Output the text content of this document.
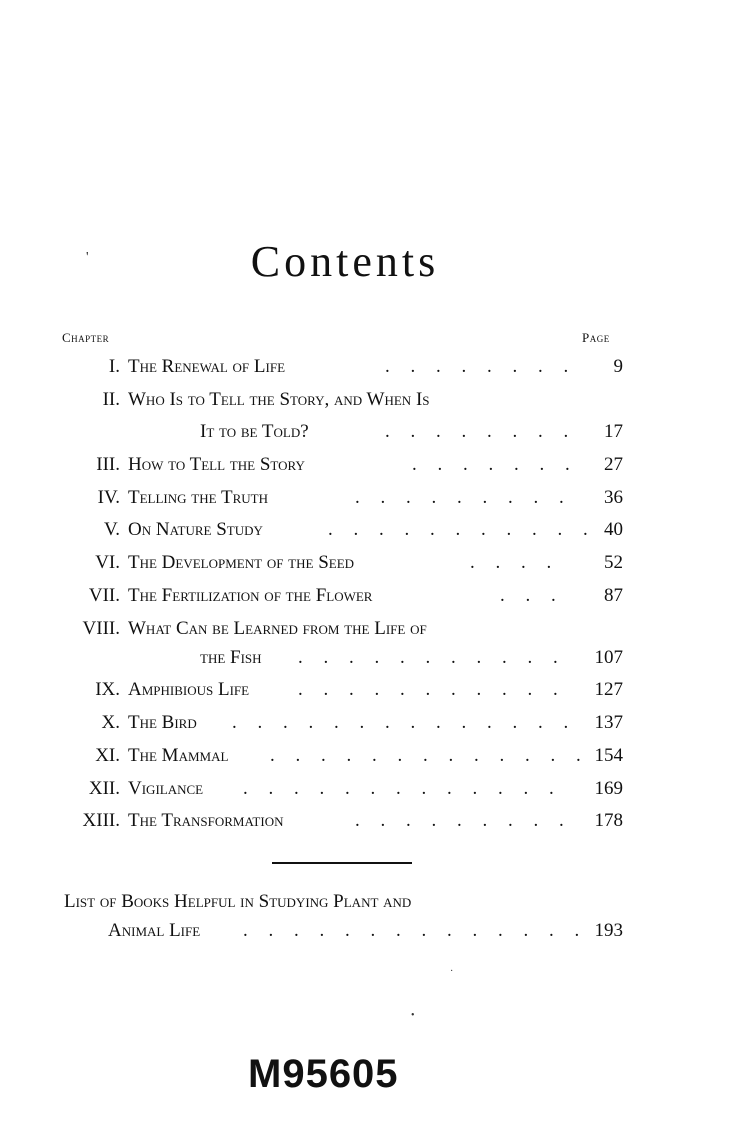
'	Contents
Chapter	Page
I. The Renewal of Life	. . . . . . . . 9
II. Who Is to Tell the Story, and When Is
It to be Told?	. . . . . . . . 17
III. How to Tell the Story	. . . . . . . 27
IV. Telling the Truth	. . . . . . . . . 36
V. On Nature Study	. . . . . . . . . . . 40
VI. The Development of the Seed	. . . . 52
VII. The Fertilization of the Flower	. . . 87
VIII. What Can be Learned from the Life of
the Fish . . . . . . . . . . . 107
IX. Amphibious Life	. . . . . . . . . . . 127
X. The Bird . . . . . . . . . . . . . . 137
XI. The Mammal . . . . . . . . . . . . . 154
XII. Vigilance . . . . . . . . . . . . . 169
XIII. The Transformation	. . . . . . . . . 178
List of Books Helpful in Studying Plant and
Animal Life . . . . . . . . . . . . . . 193
·
•
M95605
